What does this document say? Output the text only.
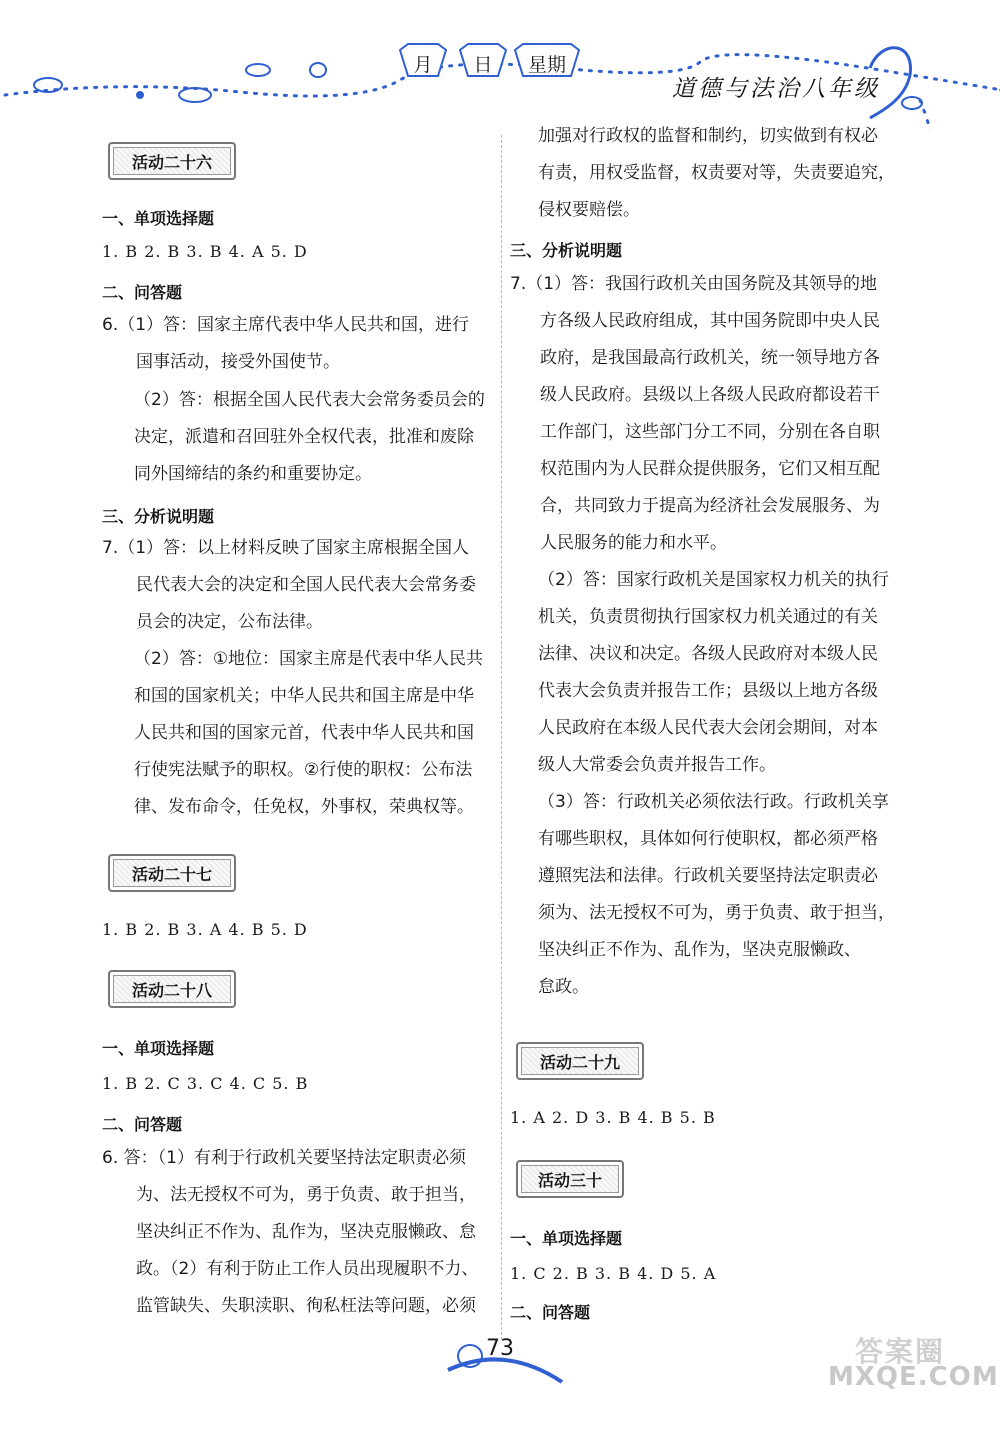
月	日	星期
道德与法治八年级
活动二十六
一、单项选择题
1. B 2. B 3. B 4. A 5. D
二、问答题
6.（1）答：国家主席代表中华人民共和国，进行
国事活动，接受外国使节。
（2）答：根据全国人民代表大会常务委员会的
决定，派遣和召回驻外全权代表，批准和废除
同外国缔结的条约和重要协定。
三、分析说明题
7.（1）答：以上材料反映了国家主席根据全国人
民代表大会的决定和全国人民代表大会常务委
员会的决定，公布法律。
（2）答：①地位：国家主席是代表中华人民共
和国的国家机关；中华人民共和国主席是中华
人民共和国的国家元首，代表中华人民共和国
行使宪法赋予的职权。②行使的职权：公布法
律、发布命令，任免权，外事权，荣典权等。
活动二十七
1. B 2. B 3. A 4. B 5. D
活动二十八
一、单项选择题
1. B 2. C 3. C 4. C 5. B
二、问答题
6. 答：（1）有利于行政机关要坚持法定职责必须
为、法无授权不可为，勇于负责、敢于担当，
坚决纠正不作为、乱作为，坚决克服懒政、怠
政。（2）有利于防止工作人员出现履职不力、
监管缺失、失职渎职、徇私枉法等问题，必须
加强对行政权的监督和制约，切实做到有权必
有责，用权受监督，权责要对等，失责要追究，
侵权要赔偿。
三、分析说明题
7.（1）答：我国行政机关由国务院及其领导的地
方各级人民政府组成，其中国务院即中央人民
政府，是我国最高行政机关，统一领导地方各
级人民政府。县级以上各级人民政府都设若干
工作部门，这些部门分工不同，分别在各自职
权范围内为人民群众提供服务，它们又相互配
合，共同致力于提高为经济社会发展服务、为
人民服务的能力和水平。
（2）答：国家行政机关是国家权力机关的执行
机关，负责贯彻执行国家权力机关通过的有关
法律、决议和决定。各级人民政府对本级人民
代表大会负责并报告工作；县级以上地方各级
人民政府在本级人民代表大会闭会期间，对本
级人大常委会负责并报告工作。
（3）答：行政机关必须依法行政。行政机关享
有哪些职权，具体如何行使职权，都必须严格
遵照宪法和法律。行政机关要坚持法定职责必
须为、法无授权不可为，勇于负责、敢于担当，
坚决纠正不作为、乱作为，坚决克服懒政、
怠政。
活动二十九
1. A 2. D 3. B 4. B 5. B
活动三十
一、单项选择题
1. C 2. B 3. B 4. D 5. A
二、问答题
73	答案圈
MXQE.COM
